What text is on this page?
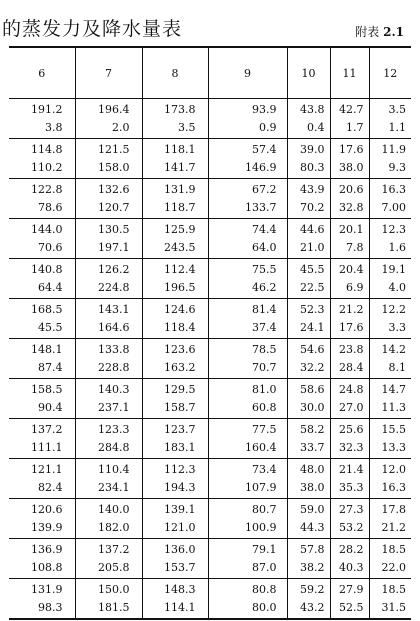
的蒸发力及降水量表	附表 2.1
6	7	8	9	10	11	12
191.2	196.4	173.8	93.9	43.8	42.7	3.5
3.8	2.0	3.5	0.9	0.4	1.7	1.1
114.8	121.5	118.1	57.4	39.0	17.6	11.9
110.2	158.0	141.7	146.9	80.3	38.0	9.3
122.8	132.6	131.9	67.2	43.9	20.6	16.3
78.6	120.7	118.7	133.7	70.2	32.8	7.00
144.0	130.5	125.9	74.4	44.6	20.1	12.3
70.6	197.1	243.5	64.0	21.0	7.8	1.6
140.8	126.2	112.4	75.5	45.5	20.4	19.1
64.4	224.8	196.5	46.2	22.5	6.9	4.0
168.5	143.1	124.6	81.4	52.3	21.2	12.2
45.5	164.6	118.4	37.4	24.1	17.6	3.3
148.1	133.8	123.6	78.5	54.6	23.8	14.2
87.4	228.8	163.2	70.7	32.2	28.4	8.1
158.5	140.3	129.5	81.0	58.6	24.8	14.7
90.4	237.1	158.7	60.8	30.0	27.0	11.3
137.2	123.3	123.7	77.5	58.2	25.6	15.5
111.1	284.8	183.1	160.4	33.7	32.3	13.3
121.1	110.4	112.3	73.4	48.0	21.4	12.0
82.4	234.1	194.3	107.9	38.0	35.3	16.3
120.6	140.0	139.1	80.7	59.0	27.3	17.8
139.9	182.0	121.0	100.9	44.3	53.2	21.2
136.9	137.2	136.0	79.1	57.8	28.2	18.5
108.8	205.8	153.7	87.0	38.2	40.3	22.0
131.9	150.0	148.3	80.8	59.2	27.9	18.5
98.3	181.5	114.1	80.0	43.2	52.5	31.5
